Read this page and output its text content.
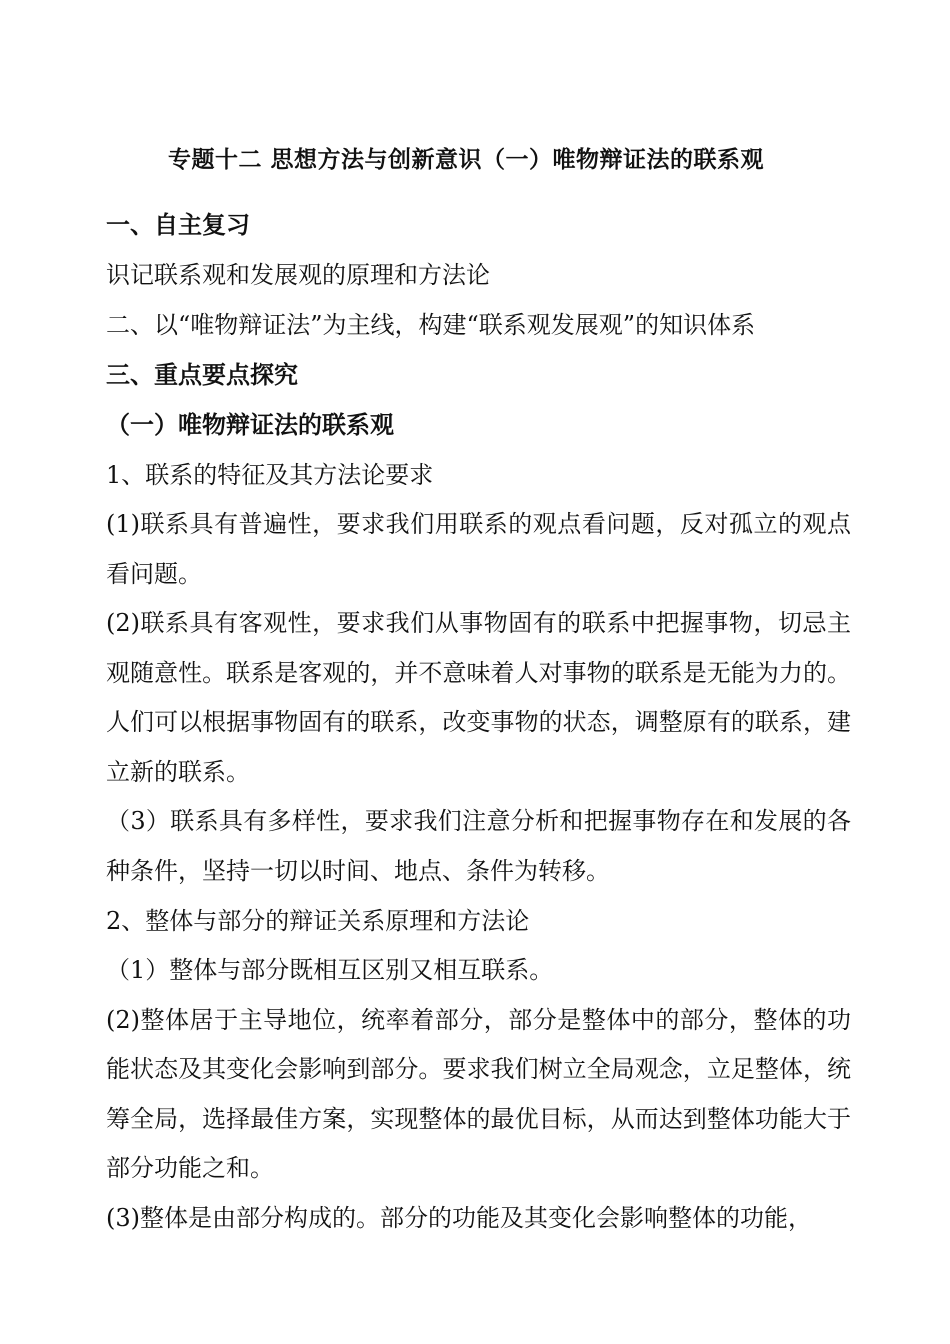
专题十二 思想方法与创新意识（一）唯物辩证法的联系观
一、自主复习
识记联系观和发展观的原理和方法论
二、以“唯物辩证法”为主线，构建“联系观发展观”的知识体系
三、重点要点探究
（一）唯物辩证法的联系观
1、联系的特征及其方法论要求
(1)联系具有普遍性，要求我们用联系的观点看问题，反对孤立的观点看问题。
(2)联系具有客观性，要求我们从事物固有的联系中把握事物，切忌主观随意性。联系是客观的，并不意味着人对事物的联系是无能为力的。人们可以根据事物固有的联系，改变事物的状态，调整原有的联系，建立新的联系。
（3）联系具有多样性，要求我们注意分析和把握事物存在和发展的各种条件，坚持一切以时间、地点、条件为转移。
2、整体与部分的辩证关系原理和方法论
（1）整体与部分既相互区别又相互联系。
(2)整体居于主导地位，统率着部分，部分是整体中的部分，整体的功能状态及其变化会影响到部分。要求我们树立全局观念，立足整体，统筹全局，选择最佳方案，实现整体的最优目标，从而达到整体功能大于部分功能之和。
(3)整体是由部分构成的。部分的功能及其变化会影响整体的功能，
